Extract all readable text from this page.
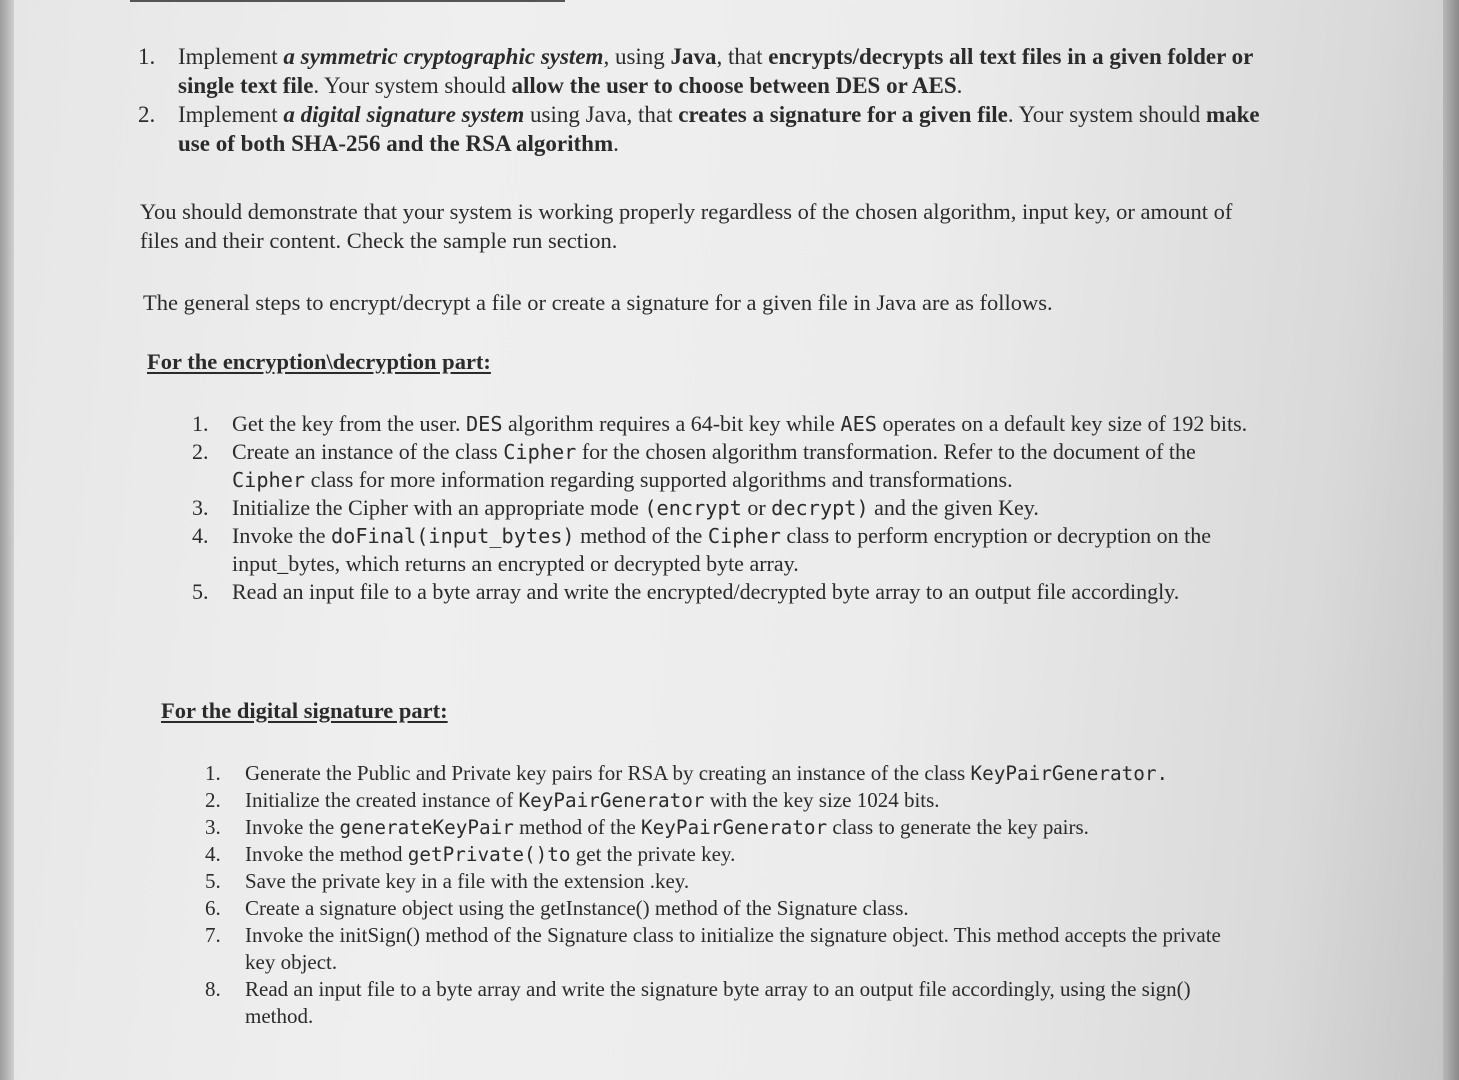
1. Implement a symmetric cryptographic system, using Java, that encrypts/decrypts all text files in a given folder or single text file. Your system should allow the user to choose between DES or AES.
2. Implement a digital signature system using Java, that creates a signature for a given file. Your system should make use of both SHA-256 and the RSA algorithm.

You should demonstrate that your system is working properly regardless of the chosen algorithm, input key, or amount of files and their content. Check the sample run section.

The general steps to encrypt/decrypt a file or create a signature for a given file in Java are as follows.

For the encryption\decryption part:

1. Get the key from the user. DES algorithm requires a 64-bit key while AES operates on a default key size of 192 bits.
2. Create an instance of the class Cipher for the chosen algorithm transformation. Refer to the document of the Cipher class for more information regarding supported algorithms and transformations.
3. Initialize the Cipher with an appropriate mode (encrypt or decrypt) and the given Key.
4. Invoke the doFinal(input_bytes) method of the Cipher class to perform encryption or decryption on the input_bytes, which returns an encrypted or decrypted byte array.
5. Read an input file to a byte array and write the encrypted/decrypted byte array to an output file accordingly.

For the digital signature part:

1. Generate the Public and Private key pairs for RSA by creating an instance of the class KeyPairGenerator.
2. Initialize the created instance of KeyPairGenerator with the key size 1024 bits.
3. Invoke the generateKeyPair method of the KeyPairGenerator class to generate the key pairs.
4. Invoke the method getPrivate()to get the private key.
5. Save the private key in a file with the extension .key.
6. Create a signature object using the getInstance() method of the Signature class.
7. Invoke the initSign() method of the Signature class to initialize the signature object. This method accepts the private key object.
8. Read an input file to a byte array and write the signature byte array to an output file accordingly, using the sign() method.
